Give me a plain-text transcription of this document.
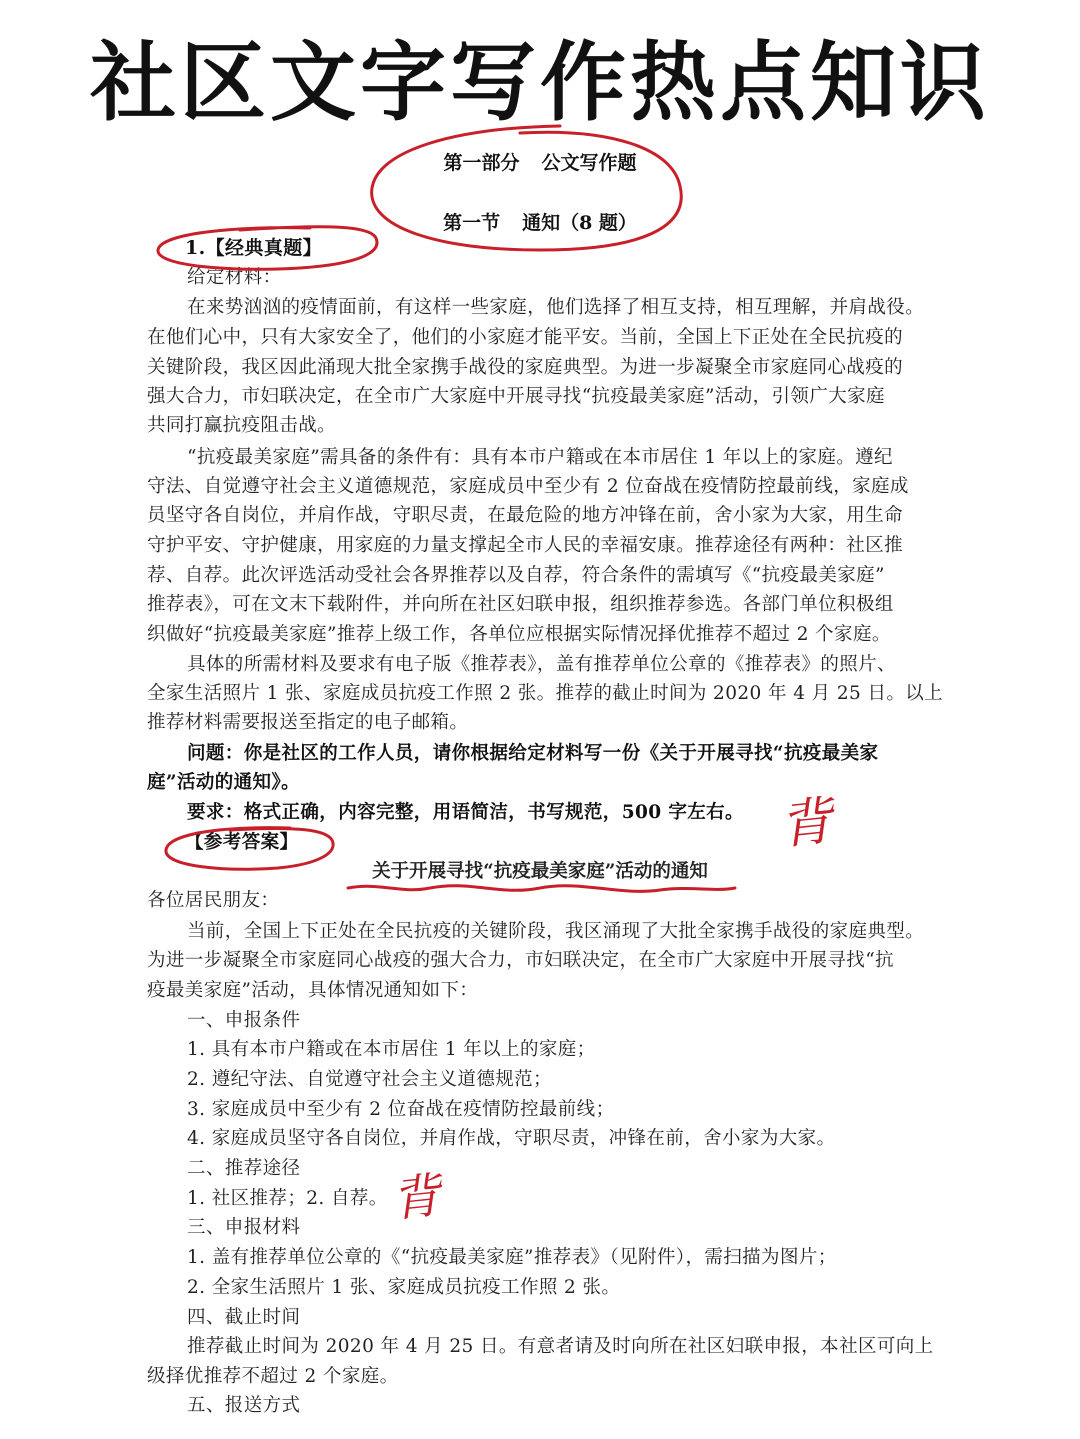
社区文字写作热点知识

第一部分 公文写作题

第一节 通知（8 题）

1.【经典真题】

给定材料：

在来势汹汹的疫情面前，有这样一些家庭，他们选择了相互支持，相互理解，并肩战役。

在他们心中，只有大家安全了，他们的小家庭才能平安。当前，全国上下正处在全民抗疫的

关键阶段，我区因此涌现大批全家携手战役的家庭典型。为进一步凝聚全市家庭同心战疫的

强大合力，市妇联决定，在全市广大家庭中开展寻找“抗疫最美家庭”活动，引领广大家庭

共同打赢抗疫阻击战。

“抗疫最美家庭”需具备的条件有：具有本市户籍或在本市居住 1 年以上的家庭。遵纪

守法、自觉遵守社会主义道德规范，家庭成员中至少有 2 位奋战在疫情防控最前线，家庭成

员坚守各自岗位，并肩作战，守职尽责，在最危险的地方冲锋在前，舍小家为大家，用生命

守护平安、守护健康，用家庭的力量支撑起全市人民的幸福安康。推荐途径有两种：社区推

荐、自荐。此次评选活动受社会各界推荐以及自荐，符合条件的需填写《“抗疫最美家庭”

推荐表》，可在文末下载附件，并向所在社区妇联申报，组织推荐参选。各部门单位积极组

织做好“抗疫最美家庭”推荐上级工作，各单位应根据实际情况择优推荐不超过 2 个家庭。

具体的所需材料及要求有电子版《推荐表》，盖有推荐单位公章的《推荐表》的照片、

全家生活照片 1 张、家庭成员抗疫工作照 2 张。推荐的截止时间为 2020 年 4 月 25 日。以上

推荐材料需要报送至指定的电子邮箱。

问题：你是社区的工作人员，请你根据给定材料写一份《关于开展寻找“抗疫最美家

庭”活动的通知》。

要求：格式正确，内容完整，用语简洁，书写规范，500 字左右。

【参考答案】

关于开展寻找“抗疫最美家庭”活动的通知

各位居民朋友：

当前，全国上下正处在全民抗疫的关键阶段，我区涌现了大批全家携手战役的家庭典型。

为进一步凝聚全市家庭同心战疫的强大合力，市妇联决定，在全市广大家庭中开展寻找“抗

疫最美家庭”活动，具体情况通知如下：

一、申报条件

1. 具有本市户籍或在本市居住 1 年以上的家庭；

2. 遵纪守法、自觉遵守社会主义道德规范；

3. 家庭成员中至少有 2 位奋战在疫情防控最前线；

4. 家庭成员坚守各自岗位，并肩作战，守职尽责，冲锋在前，舍小家为大家。

二、推荐途径

1. 社区推荐；2. 自荐。

三、申报材料

1. 盖有推荐单位公章的《“抗疫最美家庭”推荐表》（见附件），需扫描为图片；

2. 全家生活照片 1 张、家庭成员抗疫工作照 2 张。

四、截止时间

推荐截止时间为 2020 年 4 月 25 日。有意者请及时向所在社区妇联申报，本社区可向上

级择优推荐不超过 2 个家庭。

五、报送方式

背
背
